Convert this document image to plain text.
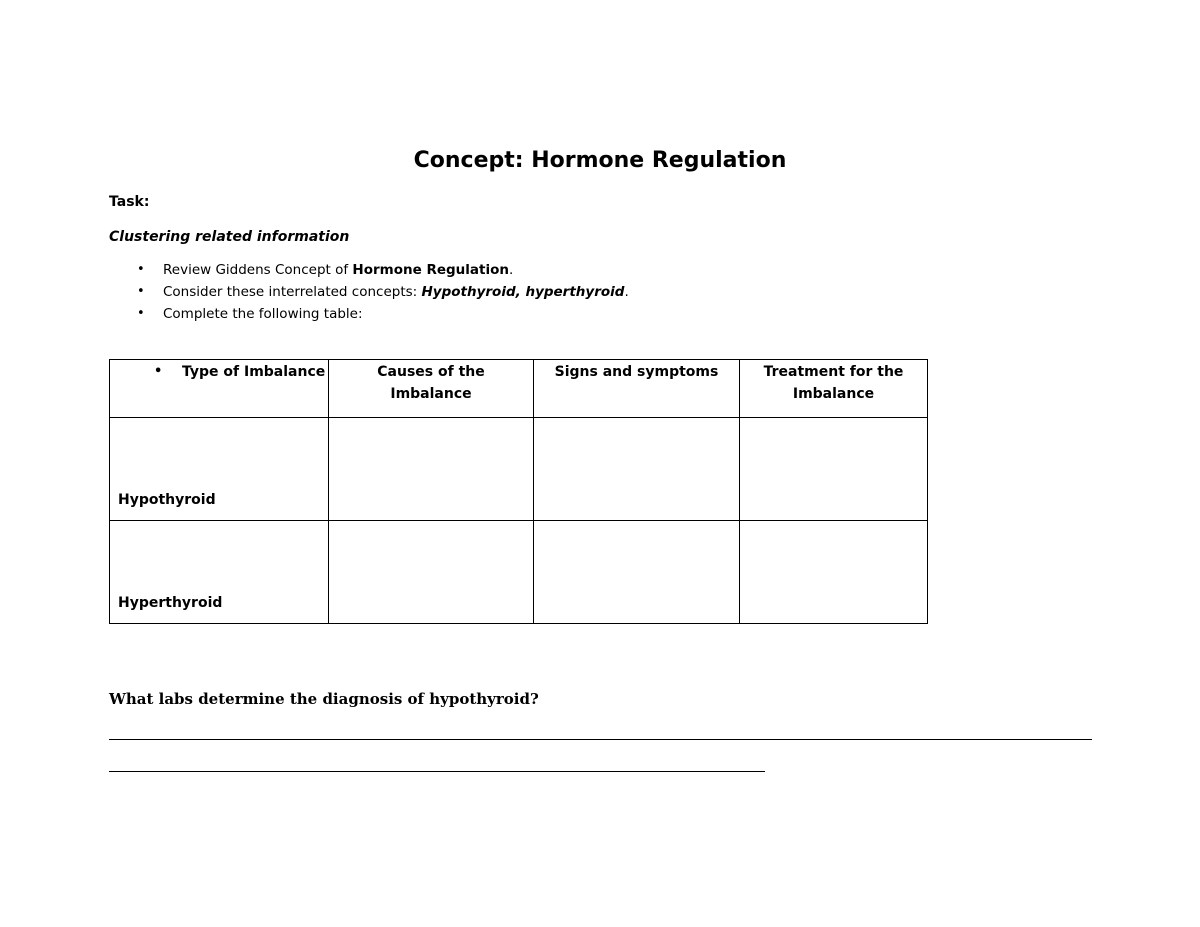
Concept: Hormone Regulation
Task:
Clustering related information
• Review Giddens Concept of Hormone Regulation.
• Consider these interrelated concepts: Hypothyroid, hyperthyroid.
• Complete the following table:
• Type of Imbalance	Causes of the Imbalance	Signs and symptoms	Treatment for the Imbalance

Hypothyroid			

Hyperthyroid			

What labs determine the diagnosis of hypothyroid?
